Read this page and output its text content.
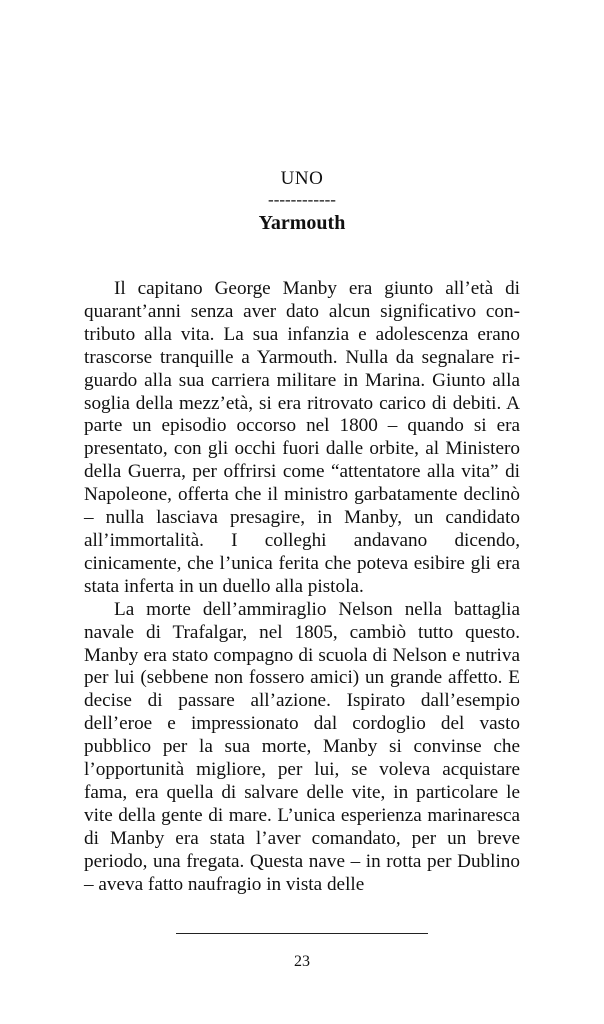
UNO
------------
Yarmouth

Il capitano George Manby era giunto all’età di quarant’anni senza aver dato alcun significativo contributo alla vita. La sua infanzia e adolescenza erano trascorse tranquille a Yarmouth. Nulla da segnalare riguardo alla sua carriera militare in Marina. Giunto alla soglia della mezz’età, si era ritrovato carico di debiti. A parte un episodio occorso nel 1800 – quando si era presentato, con gli occhi fuori dalle orbite, al Ministero della Guerra, per offrirsi come “attentatore alla vita” di Napoleone, offerta che il ministro garbatamente declinò – nulla lasciava presagire, in Manby, un candidato all’immortalità. I colleghi andavano dicendo, cinicamente, che l’unica ferita che poteva esibire gli era stata inferta in un duello alla pistola.

La morte dell’ammiraglio Nelson nella battaglia navale di Trafalgar, nel 1805, cambiò tutto questo. Manby era stato compagno di scuola di Nelson e nutriva per lui (sebbene non fossero amici) un grande affetto. E decise di passare all’azione. Ispirato dall’esempio dell’eroe e impressionato dal cordoglio del vasto pubblico per la sua morte, Manby si convinse che l’opportunità migliore, per lui, se voleva acquistare fama, era quella di salvare delle vite, in particolare le vite della gente di mare. L’unica esperienza marinaresca di Manby era stata l’aver comandato, per un breve periodo, una fregata. Questa nave – in rotta per Dublino – aveva fatto naufragio in vista delle

23
